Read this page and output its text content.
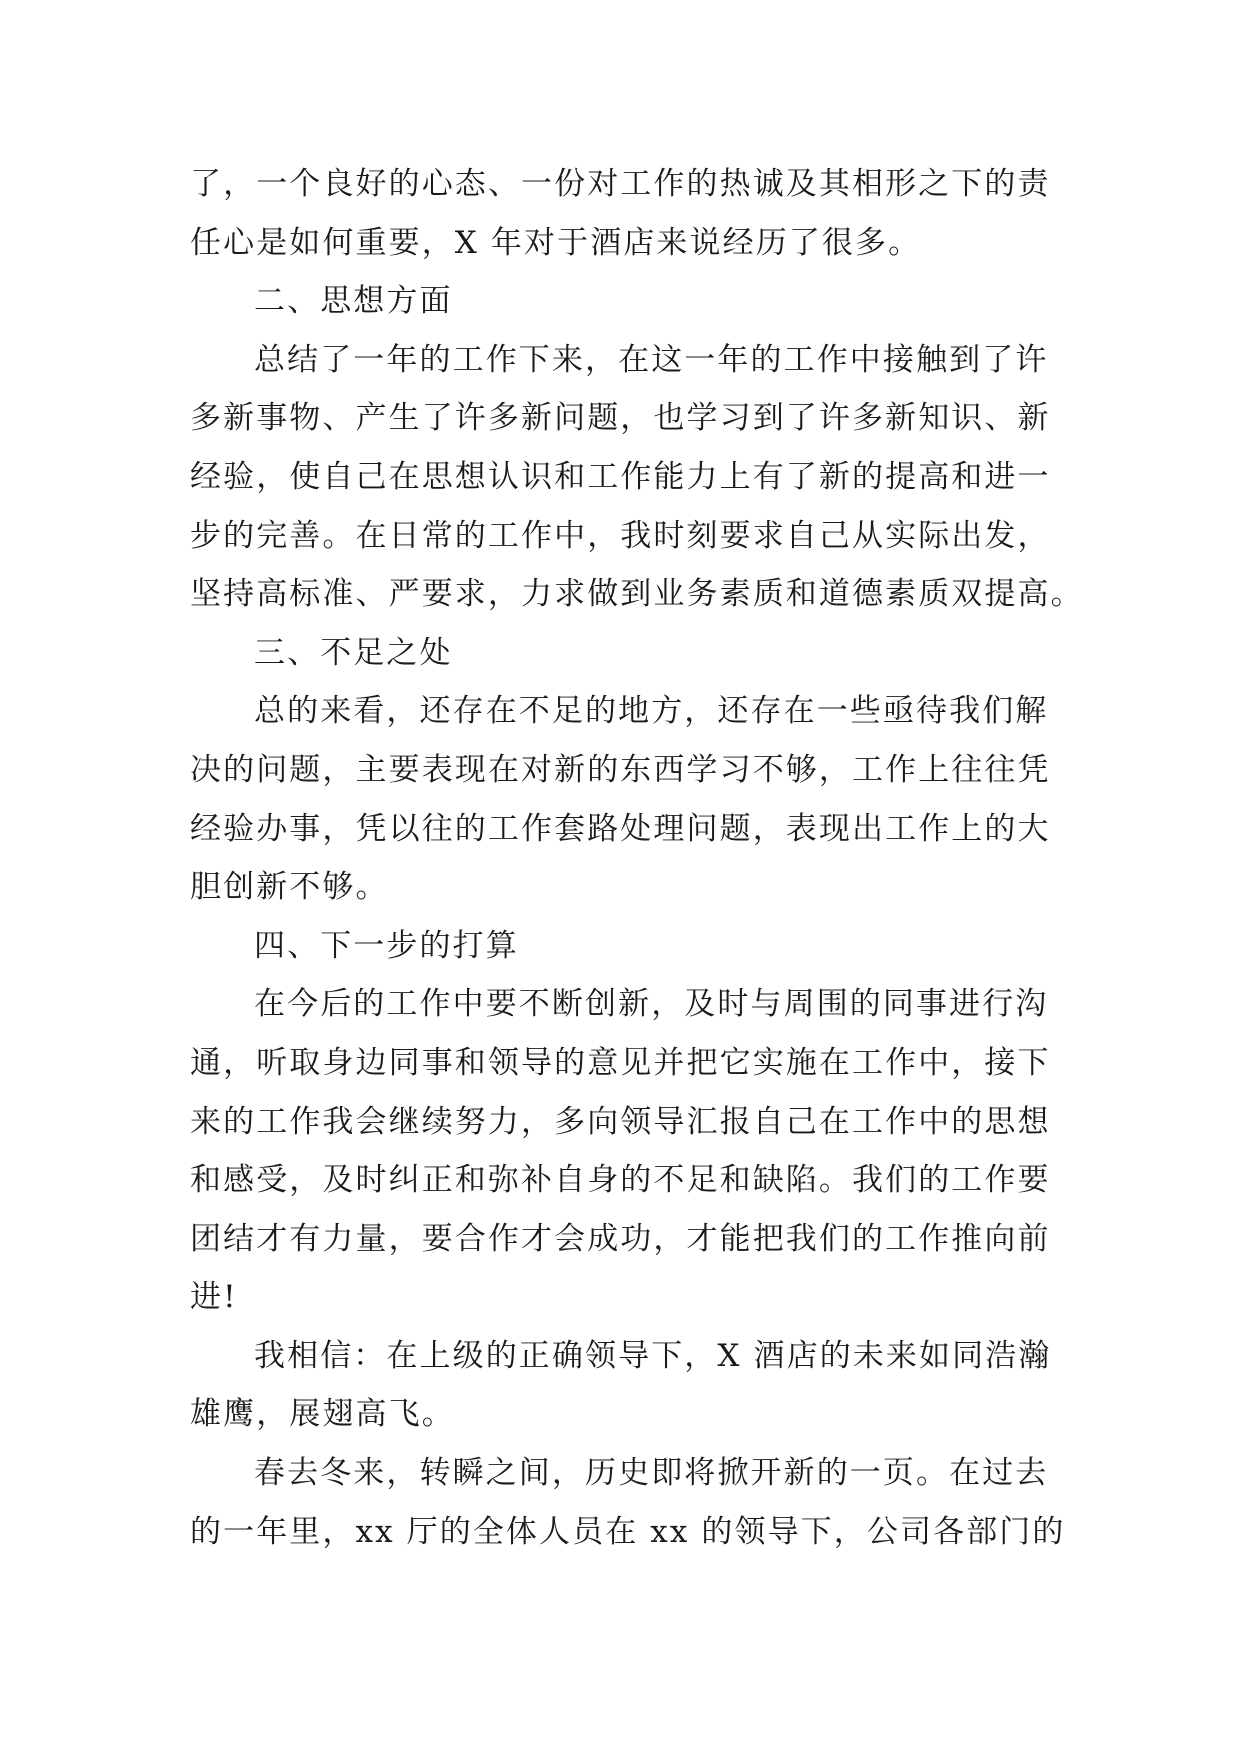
了，一个良好的心态、一份对工作的热诚及其相形之下的责
任心是如何重要，X 年对于酒店来说经历了很多。
二、思想方面
总结了一年的工作下来，在这一年的工作中接触到了许
多新事物、产生了许多新问题，也学习到了许多新知识、新
经验，使自己在思想认识和工作能力上有了新的提高和进一
步的完善。在日常的工作中，我时刻要求自己从实际出发，
坚持高标准、严要求，力求做到业务素质和道德素质双提高。
三、不足之处
总的来看，还存在不足的地方，还存在一些亟待我们解
决的问题，主要表现在对新的东西学习不够，工作上往往凭
经验办事，凭以往的工作套路处理问题，表现出工作上的大
胆创新不够。
四、下一步的打算
在今后的工作中要不断创新，及时与周围的同事进行沟
通，听取身边同事和领导的意见并把它实施在工作中，接下
来的工作我会继续努力，多向领导汇报自己在工作中的思想
和感受，及时纠正和弥补自身的不足和缺陷。我们的工作要
团结才有力量，要合作才会成功，才能把我们的工作推向前
进!
我相信：在上级的正确领导下，X 酒店的未来如同浩瀚
雄鹰，展翅高飞。
春去冬来，转瞬之间，历史即将掀开新的一页。在过去
的一年里，xx 厅的全体人员在 xx 的领导下，公司各部门的
